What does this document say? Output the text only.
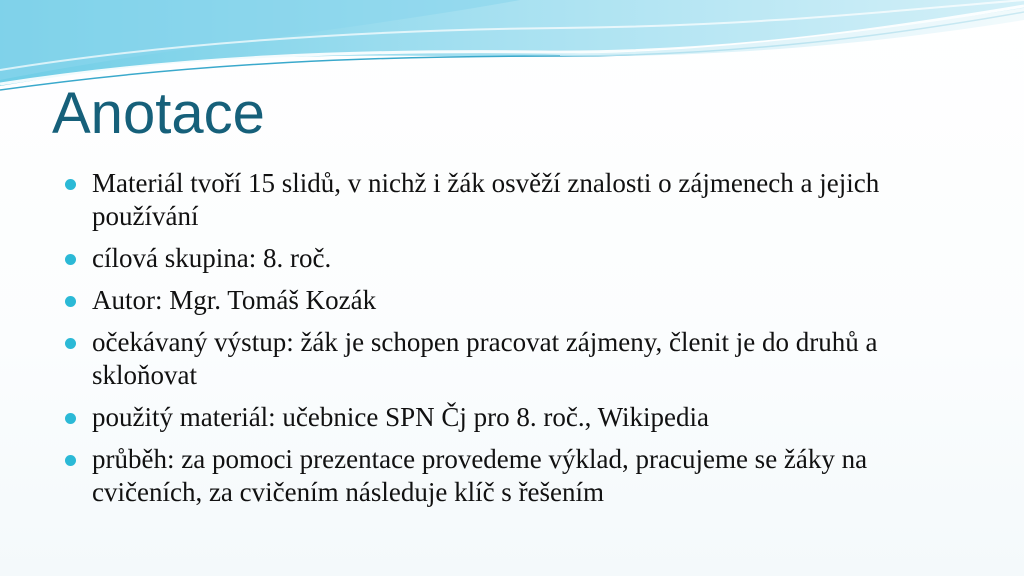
Anotace
Materiál tvoří 15 slidů, v nichž i žák osvěží znalosti o zájmenech a jejich používání
cílová skupina: 8. roč.
Autor: Mgr. Tomáš Kozák
očekávaný výstup: žák je schopen pracovat zájmeny, členit je do druhů a skloňovat
použitý materiál: učebnice SPN Čj pro 8. roč., Wikipedia
průběh: za pomoci prezentace provedeme výklad, pracujeme se žáky na cvičeních, za cvičením následuje klíč s řešením
